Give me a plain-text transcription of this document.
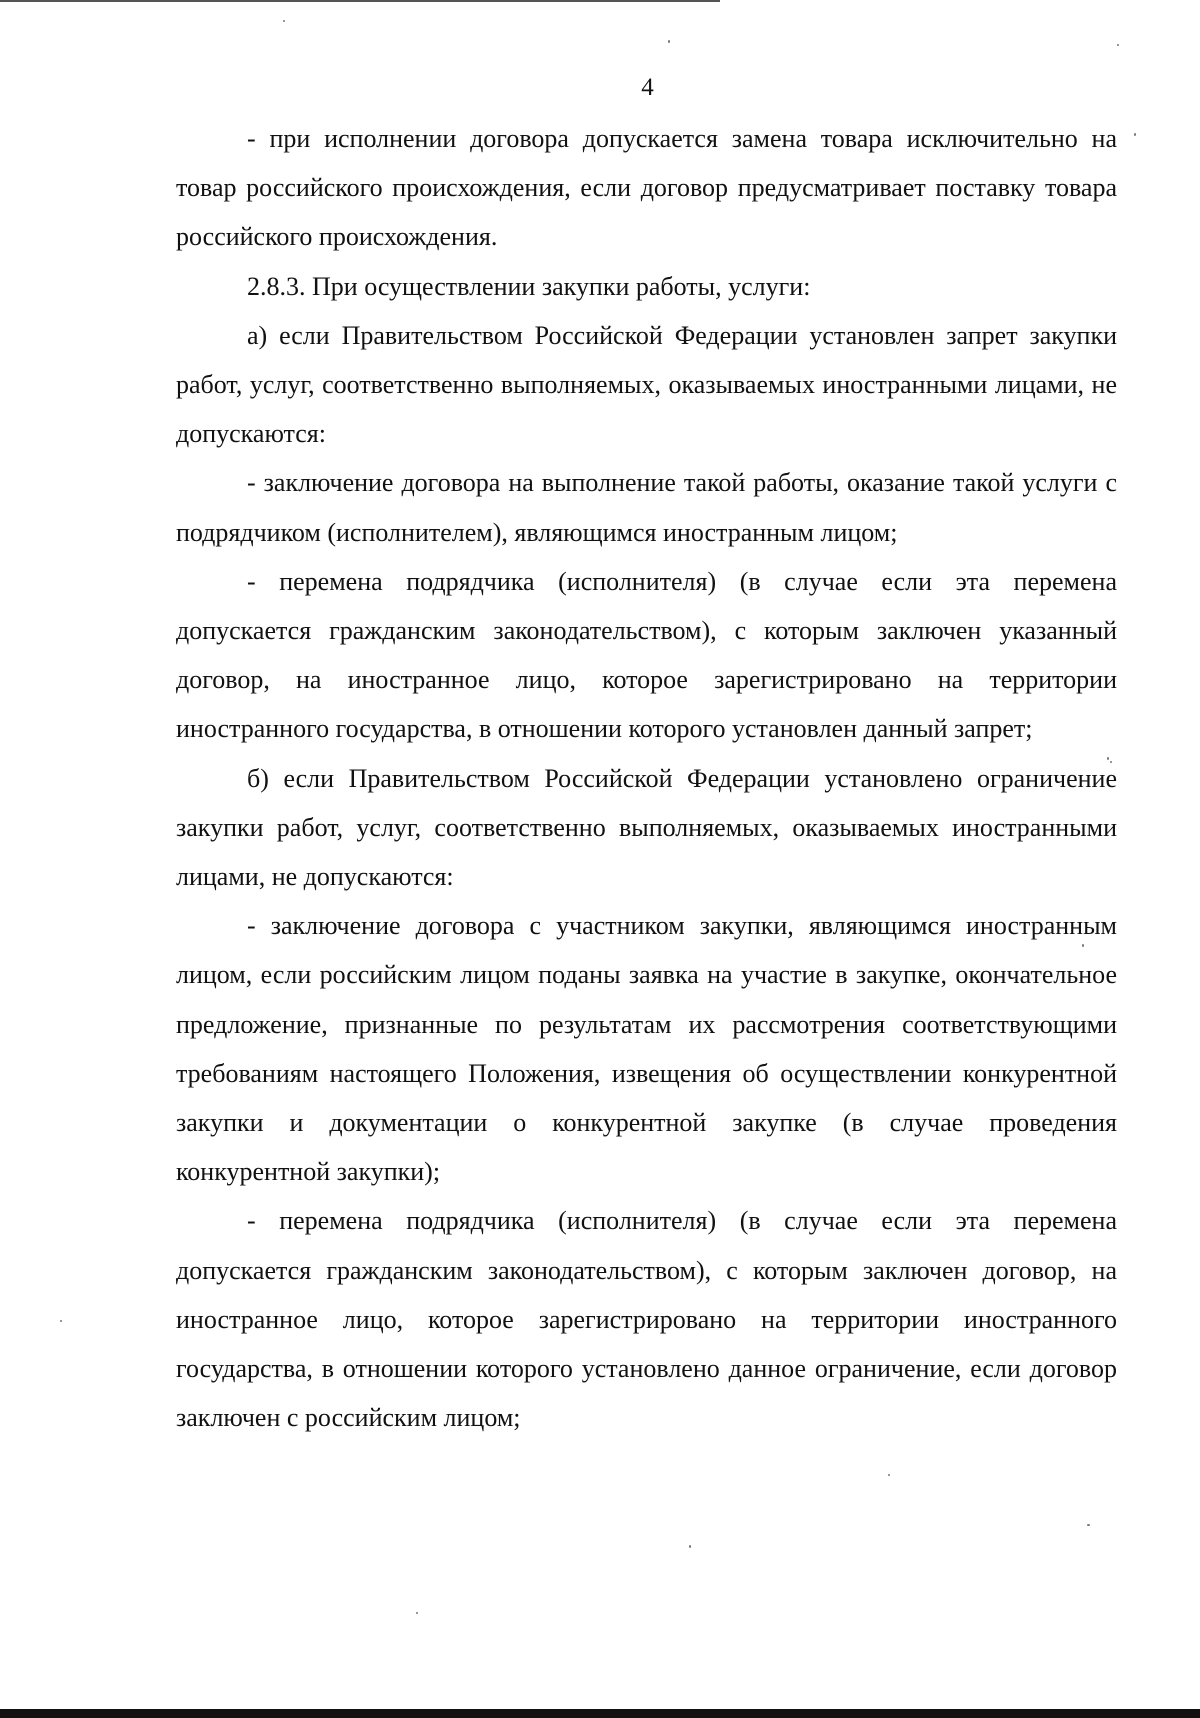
4

- при исполнении договора допускается замена товара исключительно на товар российского происхождения, если договор предусматривает поставку товара российского происхождения.

2.8.3. При осуществлении закупки работы, услуги:

а) если Правительством Российской Федерации установлен запрет закупки работ, услуг, соответственно выполняемых, оказываемых иностранными лицами, не допускаются:

- заключение договора на выполнение такой работы, оказание такой услуги с подрядчиком (исполнителем), являющимся иностранным лицом;

- перемена подрядчика (исполнителя) (в случае если эта перемена допускается гражданским законодательством), с которым заключен указанный договор, на иностранное лицо, которое зарегистрировано на территории иностранного государства, в отношении которого установлен данный запрет;

б) если Правительством Российской Федерации установлено ограничение закупки работ, услуг, соответственно выполняемых, оказываемых иностранными лицами, не допускаются:

- заключение договора с участником закупки, являющимся иностранным лицом, если российским лицом поданы заявка на участие в закупке, окончательное предложение, признанные по результатам их рассмотрения соответствующими требованиям настоящего Положения, извещения об осуществлении конкурентной закупки и документации о конкурентной закупке (в случае проведения конкурентной закупки);

- перемена подрядчика (исполнителя) (в случае если эта перемена допускается гражданским законодательством), с которым заключен договор, на иностранное лицо, которое зарегистрировано на территории иностранного государства, в отношении которого установлено данное ограничение, если договор заключен с российским лицом;
